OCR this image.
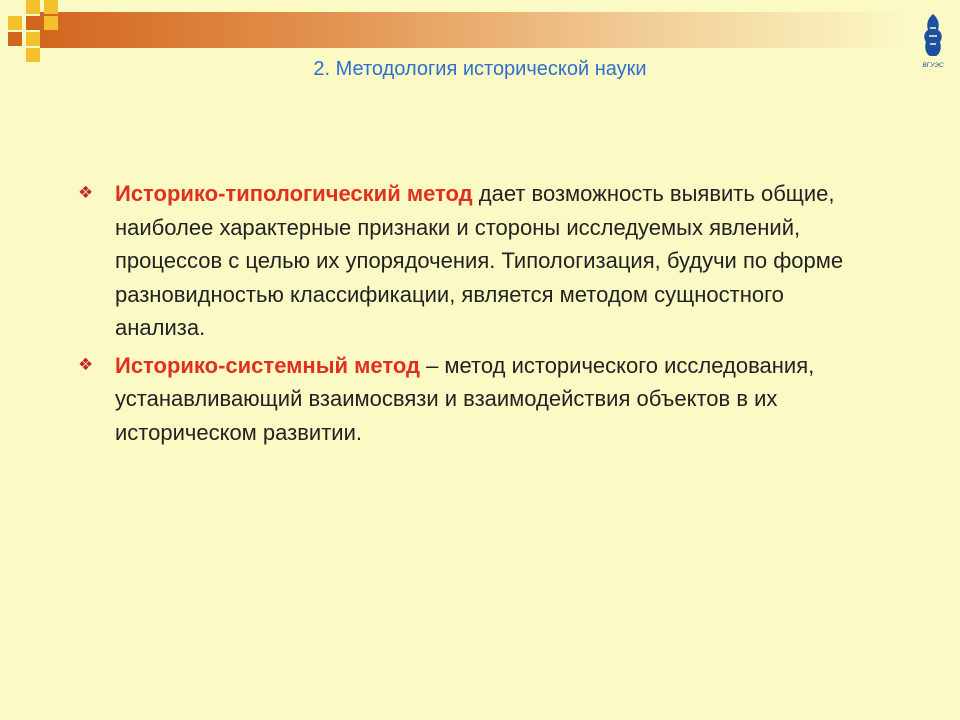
ВГУЭС
2. Методология исторической науки
❖ Историко-типологический метод дает возможность выявить общие, наиболее характерные признаки и стороны исследуемых явлений, процессов с целью их упорядочения. Типологизация, будучи по форме разновидностью классификации, является методом сущностного анализа.
❖ Историко-системный метод – метод исторического исследования, устанавливающий взаимосвязи и взаимодействия объектов в их историческом развитии.
